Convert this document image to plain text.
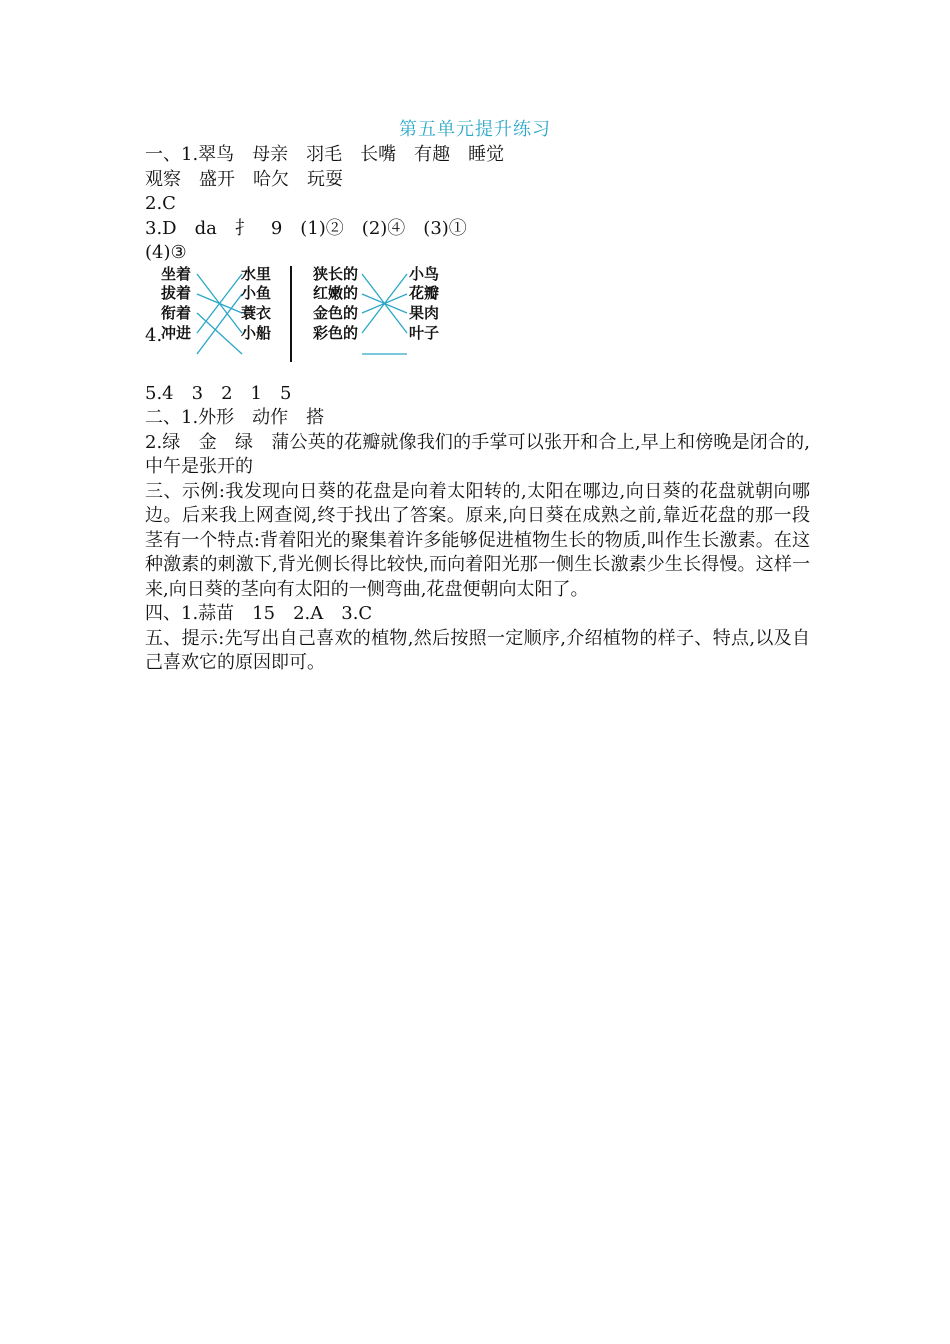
第五单元提升练习
一、1.翠鸟　母亲　羽毛　长嘴　有趣　睡觉
观察　盛开　哈欠　玩耍
2.C
3.D　da　扌　9　(1)②　(2)④　(3)①
(4)③
4.
坐着
拔着
衔着
冲进
水里
小鱼
蓑衣
小船
狭长的
红嫩的
金色的
彩色的
小鸟
花瓣
果肉
叶子
5.4　3　2　1　5
二、1.外形　动作　搭
2.绿　金　绿　蒲公英的花瓣就像我们的手掌可以张开和合上,早上和傍晚是闭合的,中午是张开的
三、示例:我发现向日葵的花盘是向着太阳转的,太阳在哪边,向日葵的花盘就朝向哪边。后来我上网查阅,终于找出了答案。原来,向日葵在成熟之前,靠近花盘的那一段茎有一个特点:背着阳光的聚集着许多能够促进植物生长的物质,叫作生长激素。在这种激素的刺激下,背光侧长得比较快,而向着阳光那一侧生长激素少生长得慢。这样一来,向日葵的茎向有太阳的一侧弯曲,花盘便朝向太阳了。
四、1.蒜苗　15　2.A　3.C
五、提示:先写出自己喜欢的植物,然后按照一定顺序,介绍植物的样子、特点,以及自己喜欢它的原因即可。
